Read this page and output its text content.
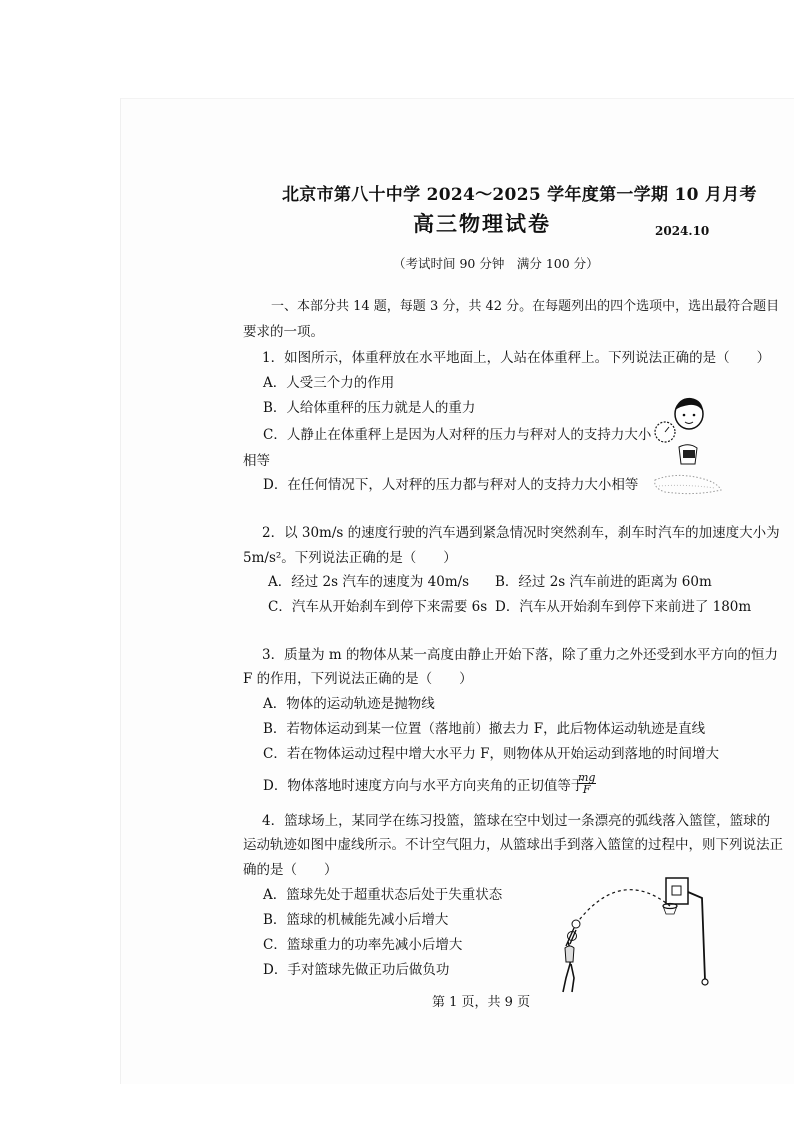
北京市第八十中学 2024～2025 学年度第一学期 10 月月考
高三物理试卷	2024.10
（考试时间 90 分钟　满分 100 分）
一、本部分共 14 题，每题 3 分，共 42 分。在每题列出的四个选项中，选出最符合题目
要求的一项。
1．如图所示，体重秤放在水平地面上，人站在体重秤上。下列说法正确的是（　　）
A．人受三个力的作用
B．人给体重秤的压力就是人的重力
C．人静止在体重秤上是因为人对秤的压力与秤对人的支持力大小
相等
D．在任何情况下，人对秤的压力都与秤对人的支持力大小相等
2．以 30m/s 的速度行驶的汽车遇到紧急情况时突然刹车，刹车时汽车的加速度大小为
5m/s²。下列说法正确的是（　　）
A．经过 2s 汽车的速度为 40m/s B．经过 2s 汽车前进的距离为 60m
C．汽车从开始刹车到停下来需要 6s D．汽车从开始刹车到停下来前进了 180m
3．质量为 m 的物体从某一高度由静止开始下落，除了重力之外还受到水平方向的恒力
F 的作用，下列说法正确的是（　　）
A．物体的运动轨迹是抛物线
B．若物体运动到某一位置（落地前）撤去力 F，此后物体运动轨迹是直线
C．若在物体运动过程中增大水平力 F，则物体从开始运动到落地的时间增大
D．物体落地时速度方向与水平方向夹角的正切值等于
$\frac{mg}{F}$
4．篮球场上，某同学在练习投篮，篮球在空中划过一条漂亮的弧线落入篮筐，篮球的
运动轨迹如图中虚线所示。不计空气阻力，从篮球出手到落入篮筐的过程中，则下列说法正
确的是（　　）
A．篮球先处于超重状态后处于失重状态
B．篮球的机械能先减小后增大
C．篮球重力的功率先减小后增大
D．手对篮球先做正功后做负功
第 1 页，共 9 页
